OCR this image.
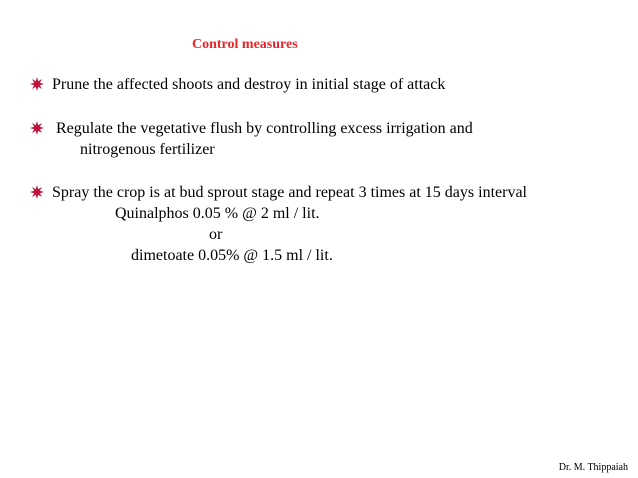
Control measures
Prune the affected shoots and destroy in initial stage of attack
Regulate the vegetative flush by controlling excess irrigation and
nitrogenous fertilizer
Spray the crop is at bud sprout stage and repeat 3 times at 15 days interval
Quinalphos 0.05 % @ 2 ml / lit.
or
dimetoate 0.05% @ 1.5 ml / lit.
Dr. M. Thippaiah
